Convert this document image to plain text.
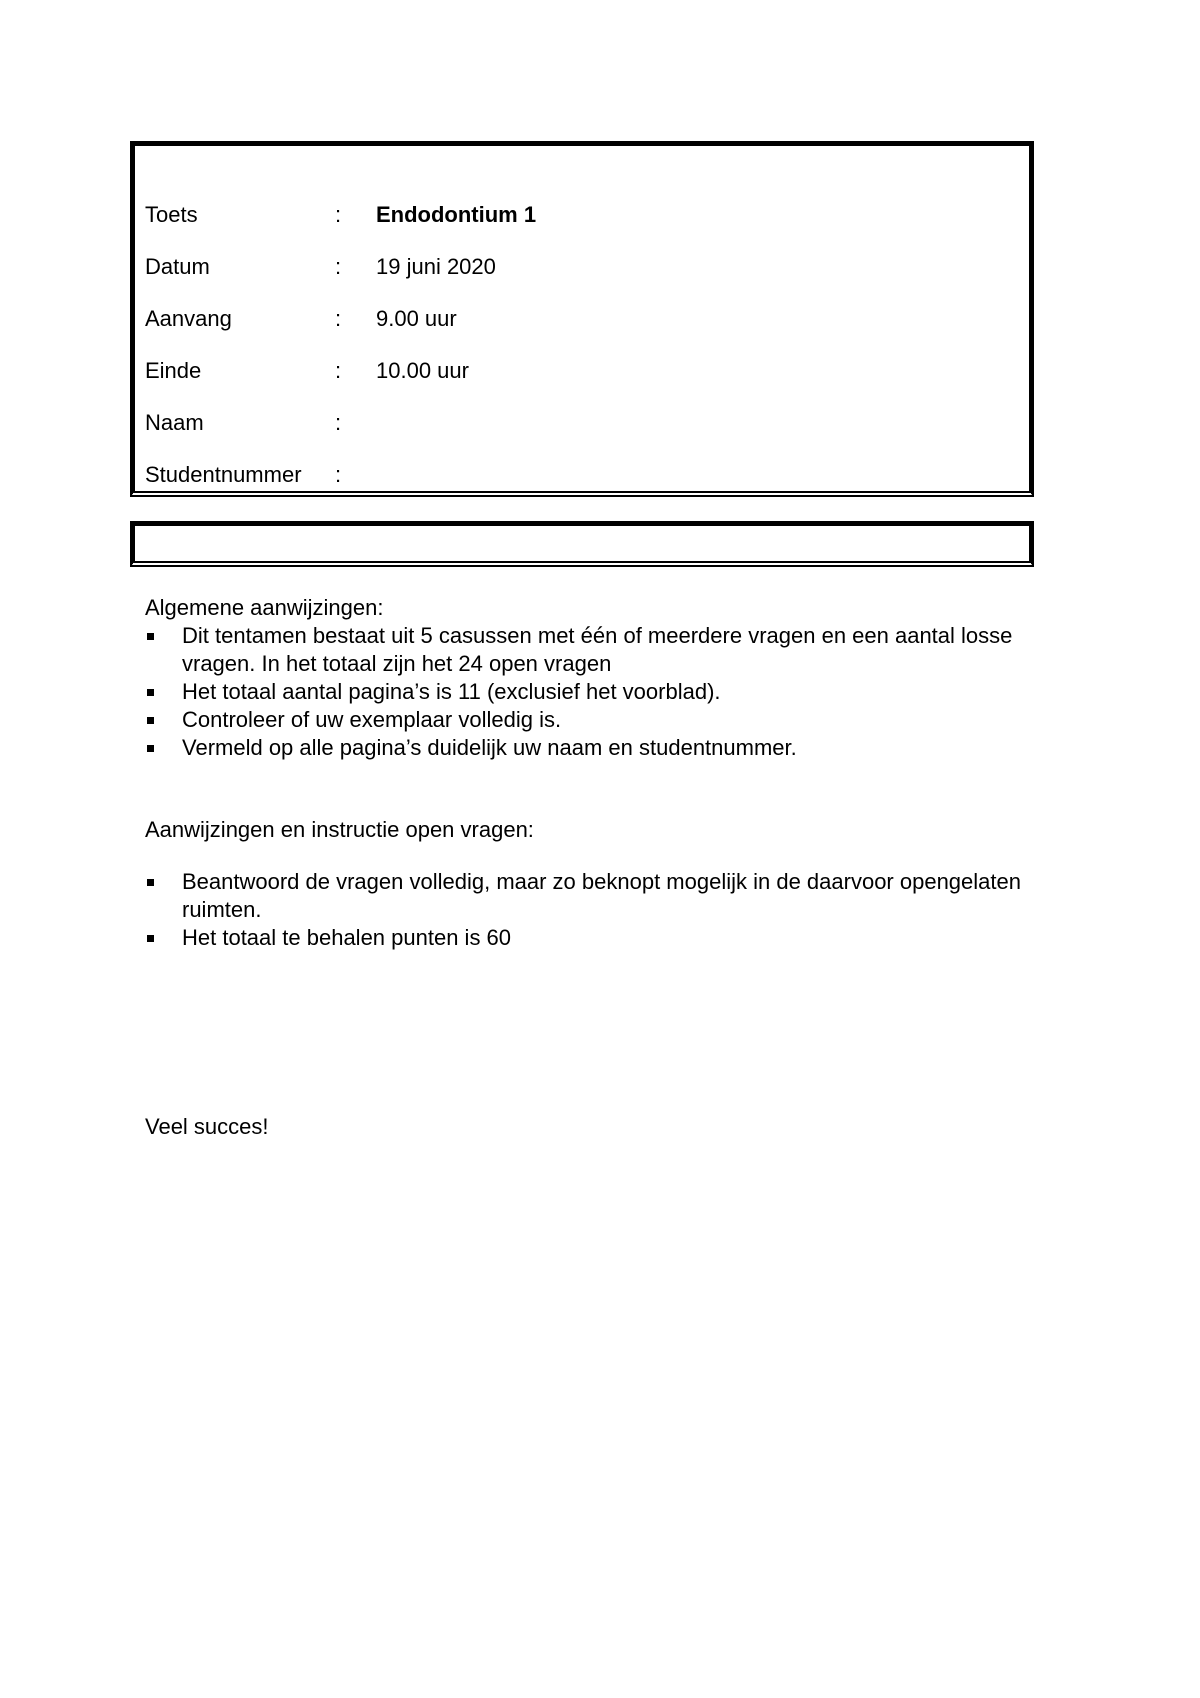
Toets	: Endodontium 1
Datum	: 19 juni 2020
Aanvang	: 9.00 uur
Einde	: 10.00 uur
Naam	:
Studentnummer :
Algemene aanwijzingen:
Dit tentamen bestaat uit 5 casussen met één of meerdere vragen en een aantal losse vragen. In het totaal zijn het 24 open vragen
Het totaal aantal pagina’s is 11 (exclusief het voorblad).
Controleer of uw exemplaar volledig is.
Vermeld op alle pagina’s duidelijk uw naam en studentnummer.
Aanwijzingen en instructie open vragen:
Beantwoord de vragen volledig, maar zo beknopt mogelijk in de daarvoor opengelaten ruimten.
Het totaal te behalen punten is 60
Veel succes!
